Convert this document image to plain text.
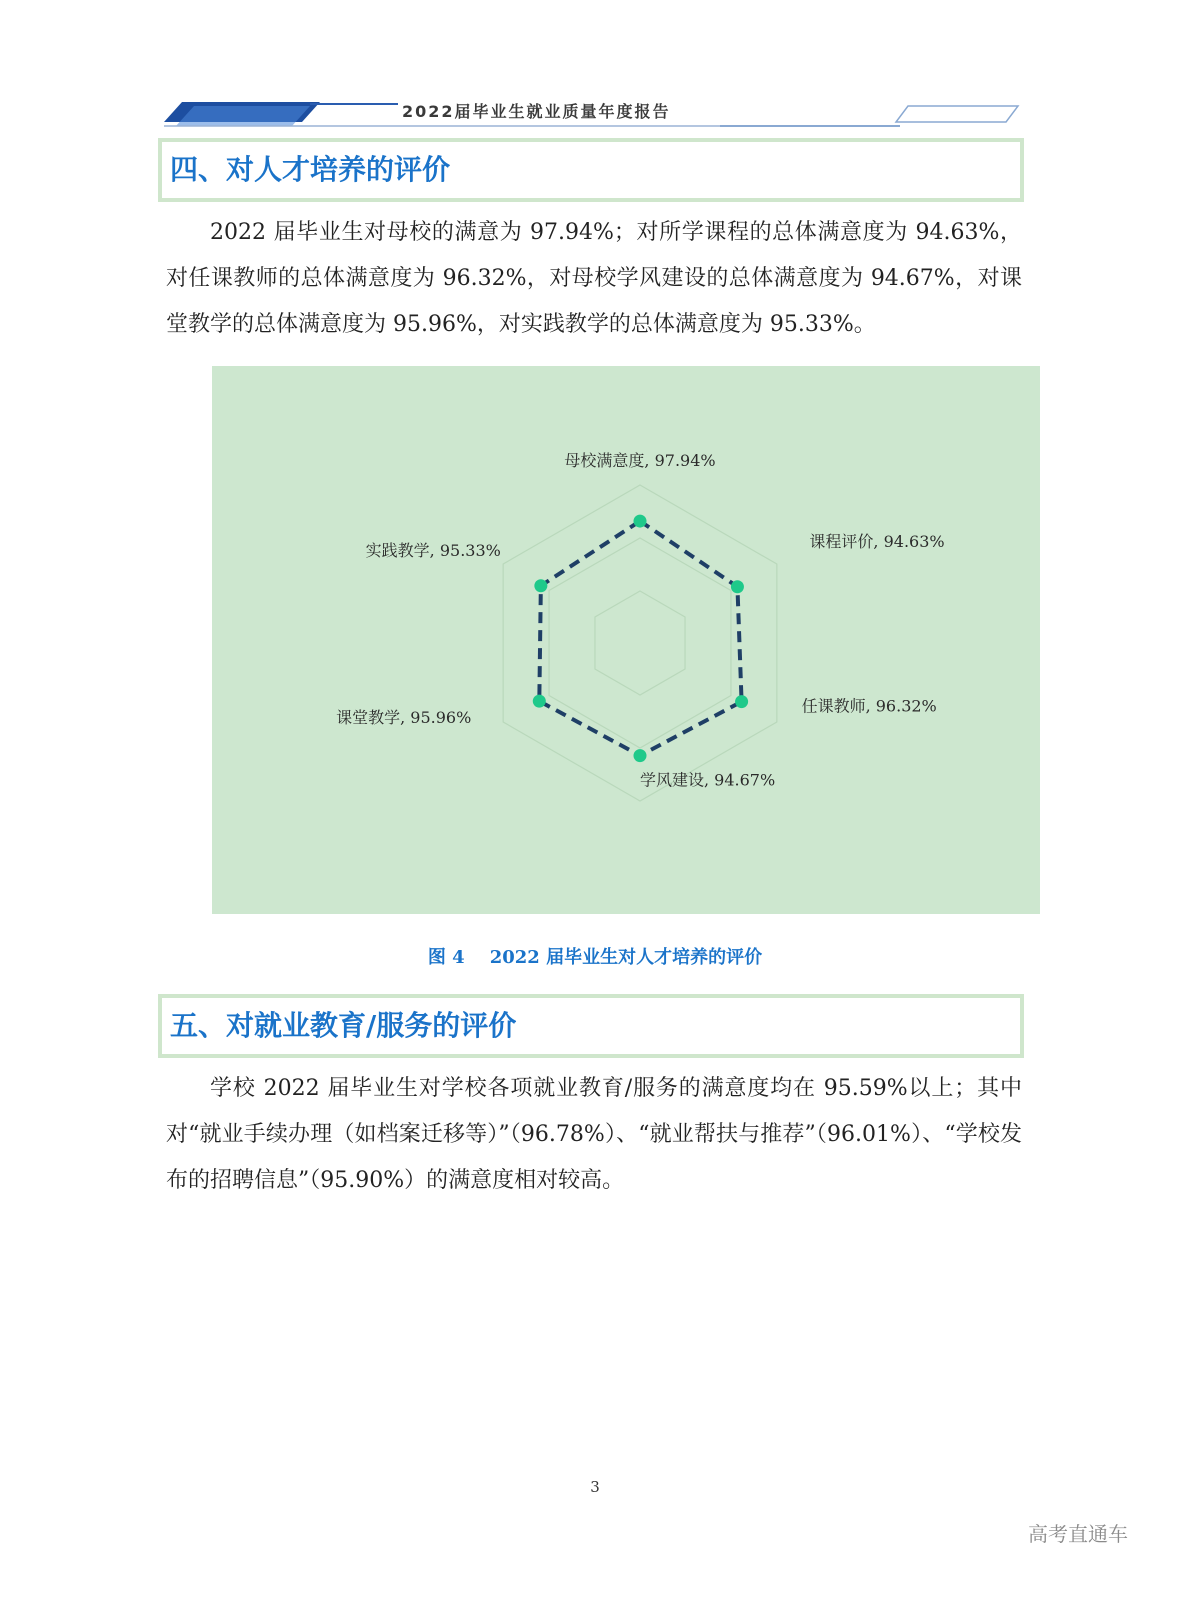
2022届毕业生就业质量年度报告
四、对人才培养的评价
2022 届毕业生对母校的满意为 97.94%；对所学课程的总体满意度为 94.63%，对任课教师的总体满意度为 96.32%，对母校学风建设的总体满意度为 94.67%，对课堂教学的总体满意度为 95.96%，对实践教学的总体满意度为 95.33%。
母校满意度, 97.94%
课程评价, 94.63%
任课教师, 96.32%
学风建设, 94.67%
课堂教学, 95.96%
实践教学, 95.33%
图 4    2022 届毕业生对人才培养的评价
五、对就业教育/服务的评价
学校 2022 届毕业生对学校各项就业教育/服务的满意度均在 95.59%以上；其中对“就业手续办理（如档案迁移等）”（96.78%）、“就业帮扶与推荐”（96.01%）、“学校发布的招聘信息”（95.90%）的满意度相对较高。
3
高考直通车
